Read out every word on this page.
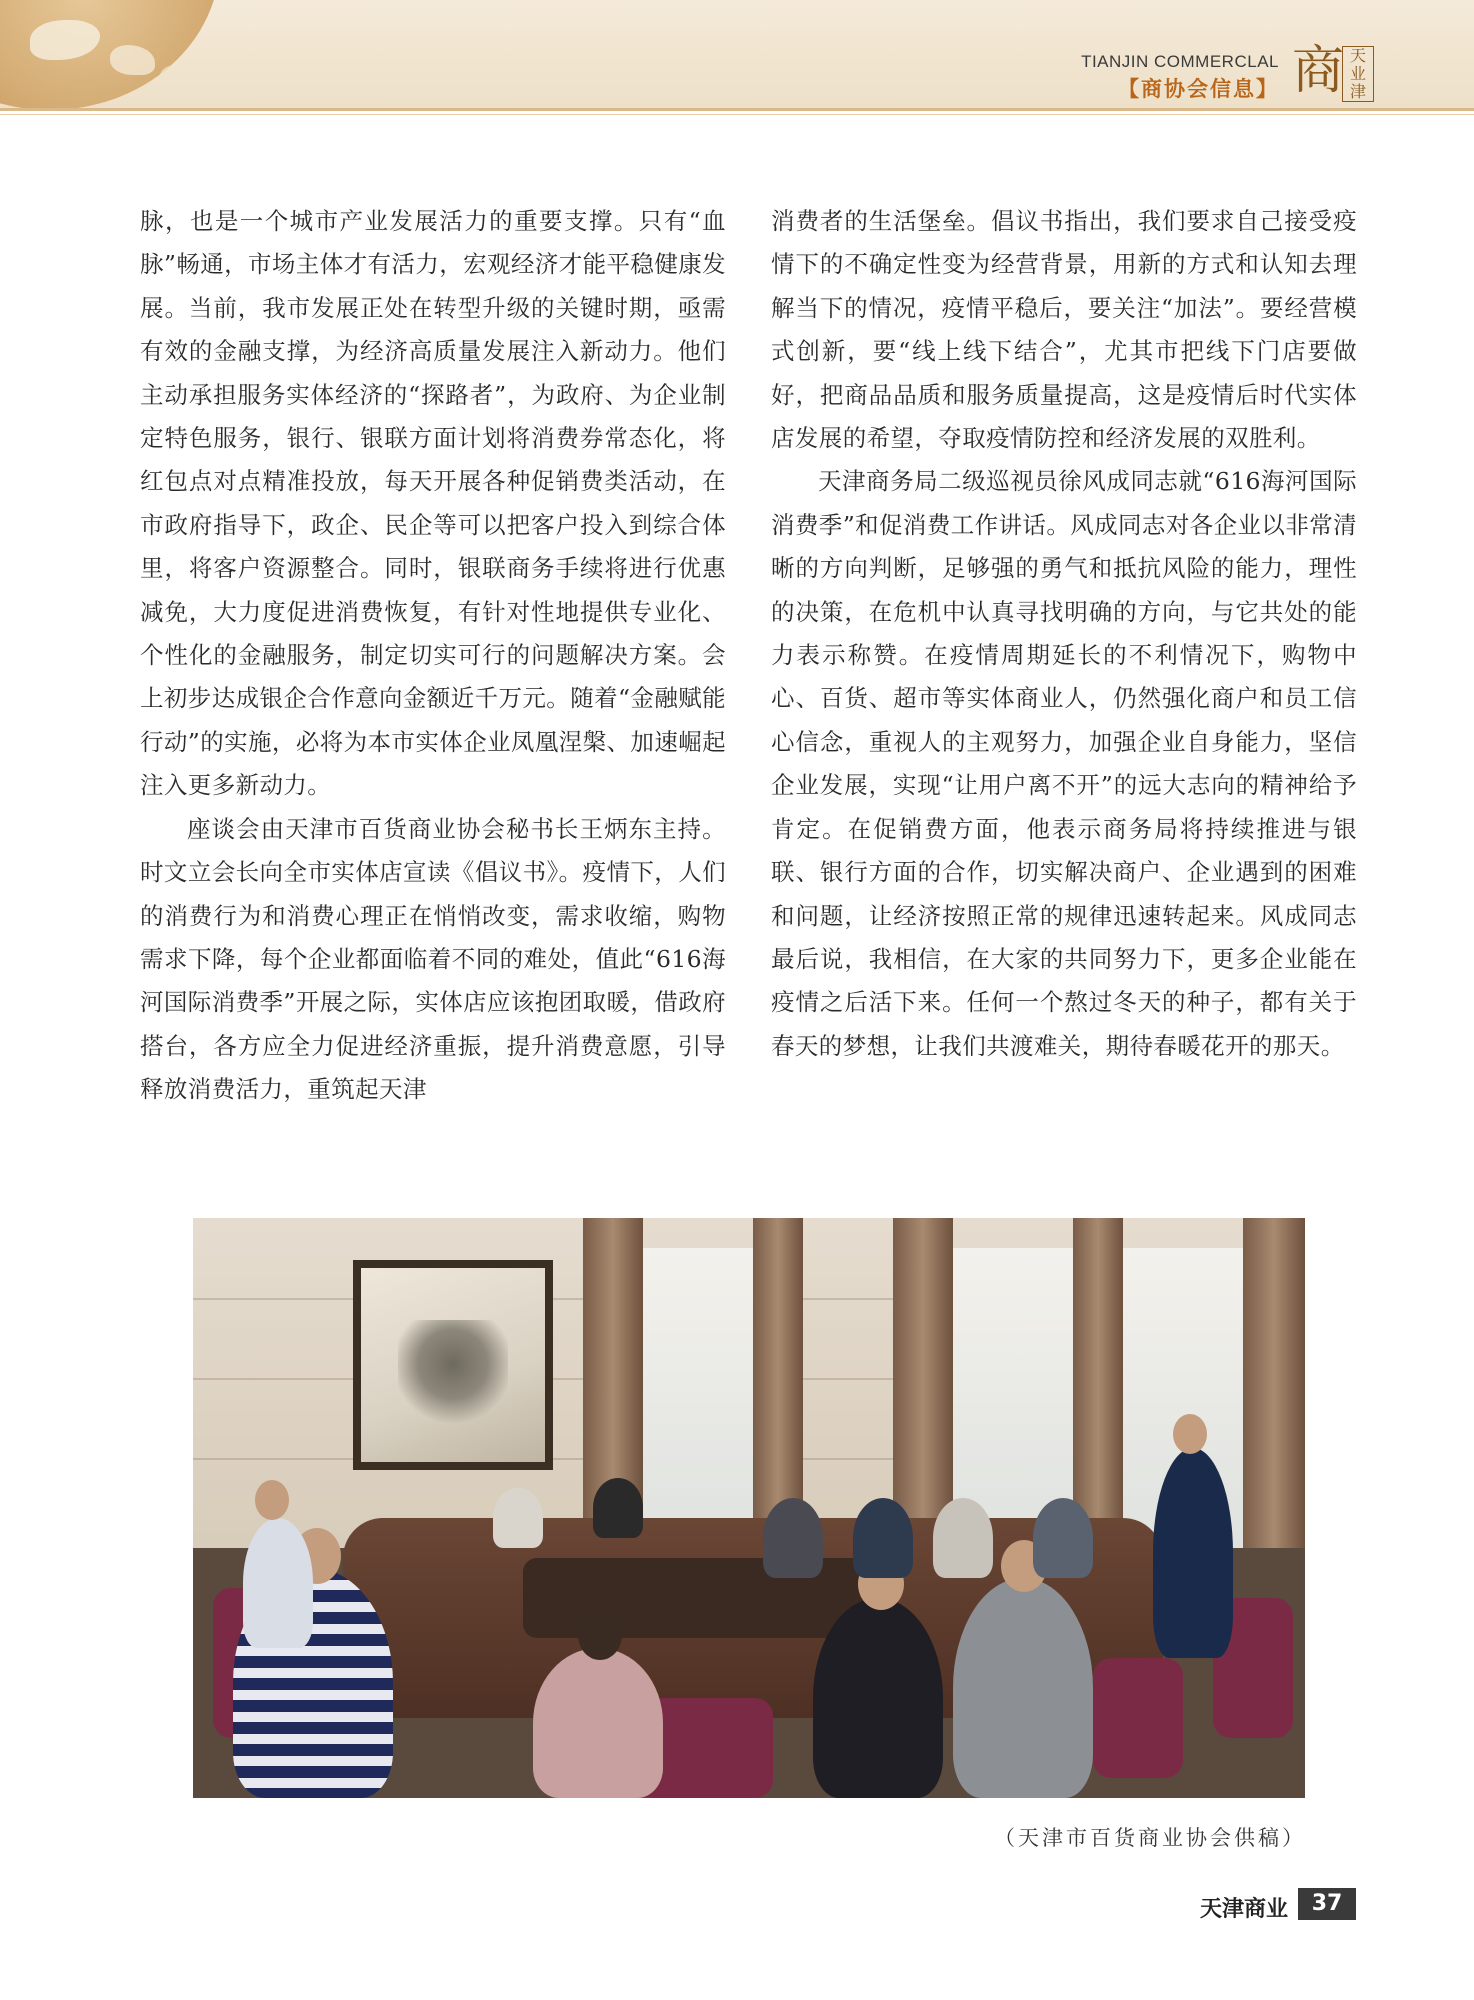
TIANJIN COMMERCLAL
【商协会信息】 商 天
业津

脉，也是一个城市产业发展活力的重要支撑。只有“血脉”畅通，市场主体才有活力，宏观经济才能平稳健康发展。当前，我市发展正处在转型升级的关键时期，亟需有效的金融支撑，为经济高质量发展注入新动力。他们主动承担服务实体经济的“探路者”，为政府、为企业制定特色服务，银行、银联方面计划将消费券常态化，将红包点对点精准投放，每天开展各种促销费类活动，在市政府指导下，政企、民企等可以把客户投入到综合体里，将客户资源整合。同时，银联商务手续将进行优惠减免，大力度促进消费恢复，有针对性地提供专业化、个性化的金融服务，制定切实可行的问题解决方案。会上初步达成银企合作意向金额近千万元。随着“金融赋能行动”的实施，必将为本市实体企业凤凰涅槃、加速崛起注入更多新动力。

座谈会由天津市百货商业协会秘书长王炳东主持。时文立会长向全市实体店宣读《倡议书》。疫情下，人们的消费行为和消费心理正在悄悄改变，需求收缩，购物需求下降，每个企业都面临着不同的难处，值此“616海河国际消费季”开展之际，实体店应该抱团取暖，借政府搭台，各方应全力促进经济重振，提升消费意愿，引导释放消费活力，重筑起天津

消费者的生活堡垒。倡议书指出，我们要求自己接受疫情下的不确定性变为经营背景，用新的方式和认知去理解当下的情况，疫情平稳后，要关注“加法”。要经营模式创新，要“线上线下结合”，尤其市把线下门店要做好，把商品品质和服务质量提高，这是疫情后时代实体店发展的希望，夺取疫情防控和经济发展的双胜利。

天津商务局二级巡视员徐风成同志就“616海河国际消费季”和促消费工作讲话。风成同志对各企业以非常清晰的方向判断，足够强的勇气和抵抗风险的能力，理性的决策，在危机中认真寻找明确的方向，与它共处的能力表示称赞。在疫情周期延长的不利情况下，购物中心、百货、超市等实体商业人，仍然强化商户和员工信心信念，重视人的主观努力，加强企业自身能力，坚信企业发展，实现“让用户离不开”的远大志向的精神给予肯定。在促销费方面，他表示商务局将持续推进与银联、银行方面的合作，切实解决商户、企业遇到的困难和问题，让经济按照正常的规律迅速转起来。风成同志最后说，我相信，在大家的共同努力下，更多企业能在疫情之后活下来。任何一个熬过冬天的种子，都有关于春天的梦想，让我们共渡难关，期待春暖花开的那天。

（天津市百货商业协会供稿）
天津商业	37
